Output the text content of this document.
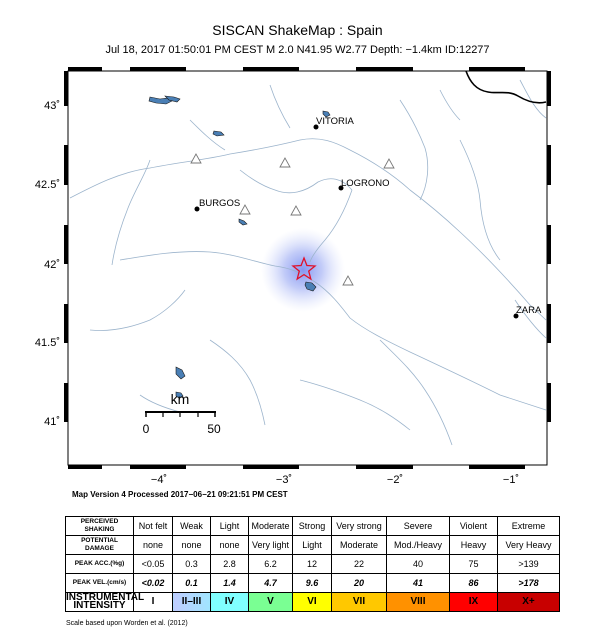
VITORIA
LOGRONO
BURGOS
ZARA
km
0	50
43˚
42.5˚
42˚
41.5˚
41˚
−4˚	−3˚	−2˚	−1˚
SISCAN ShakeMap : Spain
Jul 18, 2017 01:50:01 PM CEST M 2.0 N41.95 W2.77 Depth: −1.4km ID:12277
Map Version 4 Processed 2017−06−21 09:21:51 PM CEST
PERCEIVED
SHAKING	Not felt	Weak	Light	Moderate	Strong	Very strong	Severe	Violent	Extreme
POTENTIAL
DAMAGE	none	none	none	Very light	Light	Moderate	Mod./Heavy	Heavy	Very Heavy
PEAK ACC.(%g)	<0.05	0.3	2.8	6.2	12	22	40	75	>139
PEAK VEL.(cm/s)	<0.02	0.1	1.4	4.7	9.6	20	41	86	>178
INSTRUMENTAL
INTENSITY	I	II–III	IV	V	VI	VII	VIII	IX	X+
Scale based upon Worden et al. (2012)
